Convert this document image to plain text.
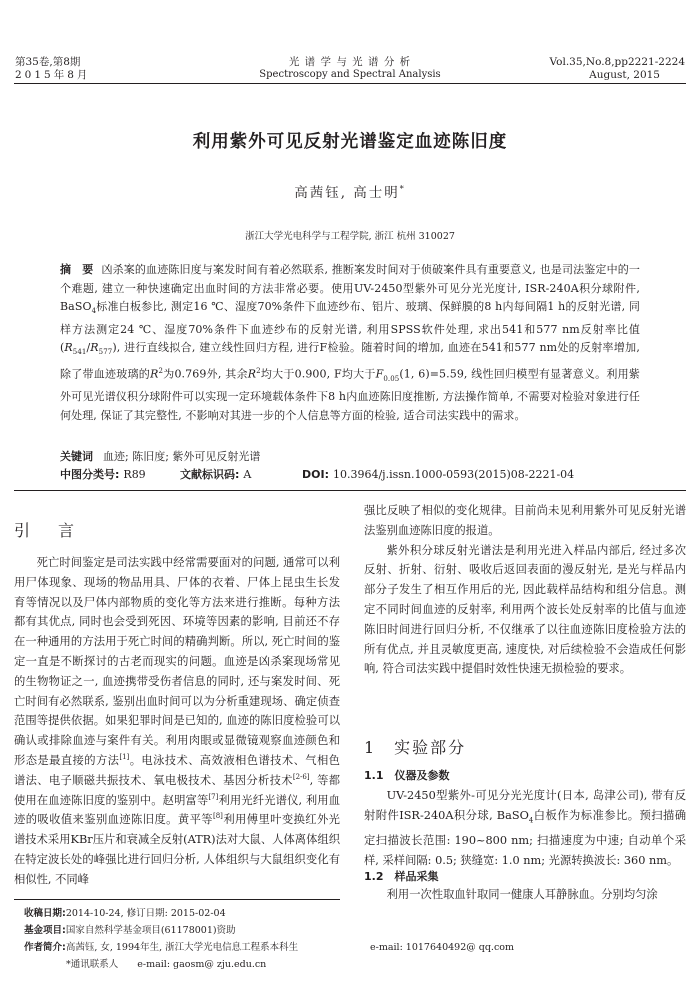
第35卷,第8期
2015年8月
光 谱 学 与 光 谱 分 析
Spectroscopy and Spectral Analysis
Vol.35,No.8,pp2221-2224
August, 2015
利用紫外可见反射光谱鉴定血迹陈旧度
高茜钰, 高士明*
浙江大学光电科学与工程学院, 浙江 杭州 310027
摘　要 凶杀案的血迹陈旧度与案发时间有着必然联系, 推断案发时间对于侦破案件具有重要意义, 也是司法鉴定中的一个难题, 建立一种快速确定出血时间的方法非常必要。使用UV-2450型紫外可见分光光度计, ISR-240A积分球附件, BaSO$_4$标准白板参比, 测定16 ℃、湿度70%条件下血迹纱布、铝片、玻璃、保鲜膜的8 h内每间隔1 h的反射光谱, 同样方法测定24 ℃、湿度70%条件下血迹纱布的反射光谱, 利用SPSS软件处理, 求出541和577 nm反射率比值$(R_{541}/R_{577})$, 进行直线拟合, 建立线性回归方程, 进行F检验。随着时间的增加, 血迹在541和577 nm处的反射率增加, 除了带血迹玻璃的$R^2$为0.769外, 其余$R^2$均大于0.900, F均大于$F_{0.05}(1$, 6)=5.59, 线性回归模型有显著意义。利用紫外可见光谱仪积分球附件可以实现一定环境载体条件下8 h内血迹陈旧度推断, 方法操作简单, 不需要对检验对象进行任何处理, 保证了其完整性, 不影响对其进一步的个人信息等方面的检验, 适合司法实践中的需求。
关键词 血迹; 陈旧度; 紫外可见反射光谱
中图分类号: R89	文献标识码: A	DOI: 10.3964/j.issn.1000-0593(2015)08-2221-04
引　言

死亡时间鉴定是司法实践中经常需要面对的问题, 通常可以利用尸体现象、现场的物品用具、尸体的衣着、尸体上昆虫生长发育等情况以及尸体内部物质的变化等方法来进行推断。每种方法都有其优点, 同时也会受到死因、环境等因素的影响, 目前还不存在一种通用的方法用于死亡时间的精确判断。所以, 死亡时间的鉴定一直是不断探讨的古老而现实的问题。血迹是凶杀案现场常见的生物物证之一, 血迹携带受伤者信息的同时, 还与案发时间、死亡时间有必然联系, 鉴别出血时间可以为分析重建现场、确定侦查范围等提供依据。如果犯罪时间是已知的, 血迹的陈旧度检验可以确认或排除血迹与案件有关。利用肉眼或显微镜观察血迹颜色和形态是最直接的方法[1]。电泳技术、高效液相色谱技术、气相色谱法、电子顺磁共振技术、氧电极技术、基因分析技术[2-6], 等都使用在血迹陈旧度的鉴别中。赵明富等[7]利用光纤光谱仪, 利用血迹的吸收值来鉴别血迹陈旧度。黄平等[8]利用傅里叶变换红外光谱技术采用KBr压片和衰减全反射(ATR)法对大鼠、人体离体组织在特定波长处的峰强比进行回归分析, 人体组织与大鼠组织变化有相似性, 不同峰

强比反映了相似的变化规律。目前尚未见利用紫外可见反射光谱法鉴别血迹陈旧度的报道。

紫外积分球反射光谱法是利用光进入样品内部后, 经过多次反射、折射、衍射、吸收后返回表面的漫反射光, 是光与样品内部分子发生了相互作用后的光, 因此载样品结构和组分信息。测定不同时间血迹的反射率, 利用两个波长处反射率的比值与血迹陈旧时间进行回归分析, 不仅继承了以往血迹陈旧度检验方法的所有优点, 并且灵敏度更高, 速度快, 对后续检验不会造成任何影响, 符合司法实践中提倡时效性快速无损检验的要求。

1　实验部分
1.1　仪器及参数

UV-2450型紫外-可见分光光度计(日本, 岛津公司), 带有反射附件ISR-240A积分球, BaSO$_4$白板作为标准参比。预扫描确定扫描波长范围: 190~800 nm; 扫描速度为中速; 自动单个采样, 采样间隔: 0.5; 狭缝宽: 1.0 nm; 光源转换波长: 360 nm。

1.2　样品采集

利用一次性取血针取同一健康人耳静脉血。分别均匀涂

收稿日期:2014-10-24, 修订日期: 2015-02-04
基金项目:国家自然科学基金项目(61178001)资助
作者简介:高茜钰, 女, 1994年生, 浙江大学光电信息工程系本科生	e-mail: 1017640492@ qq.com
*通讯联系人　　e-mail: gaosm@ zju.edu.cn
